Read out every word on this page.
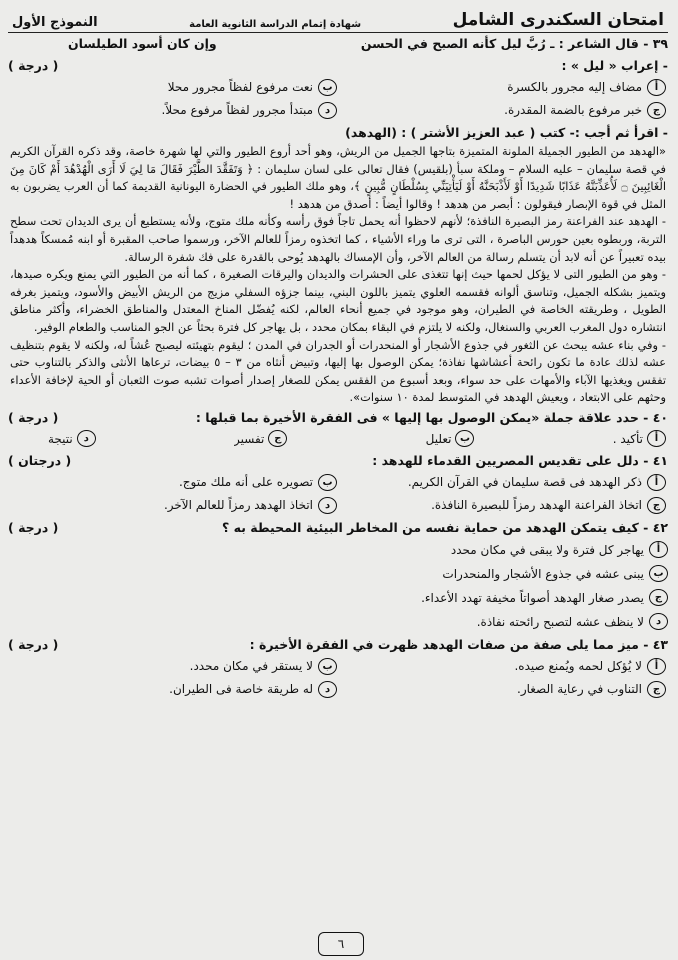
امتحان السكندرى الشامل
شهادة إتمام الدراسة الثانوية العامة
النموذج الأول
٣٩ - قال الشاعر : ـ رُبَّ ليل كأنه الصبح في الحسن
وإن كان أسود الطيلسان
- إعراب « ليل » :
( درجة )
أ
مضاف إليه مجرور بالكسرة
ب
نعت مرفوع لفظاً مجرور محلا
ج
خبر مرفوع بالضمة المقدرة.
د
مبتدأ مجرور لفظاً مرفوع محلاً.
- اقرأ ثم أجب :- كتب ( عبد العزيز الأشتر ) : (الهدهد)

«الهدهد من الطيور الجميلة الملونة المتميزة بتاجها الجميل من الريش، وهو أحد أروع الطيور والتي لها شهرة خاصة، وقد ذكره القرآن الكريم في قصة سليمان – عليه السلام – وملكة سبأ (بلقيس) فقال تعالى على لسان سليمان : ﴿ وَتَفَقَّدَ الطَّيْرَ فَقَالَ مَا لِيَ لَا أَرَى الْهُدْهُدَ أَمْ كَانَ مِنَ الْغَائِبِينَ ۝ لَأُعَذِّبَنَّهُ عَذَابًا شَدِيدًا أَوْ لَأَذْبَحَنَّهُ أَوْ لَيَأْتِيَنِّي بِسُلْطَانٍ مُّبِينٍ ﴾، وهو ملك الطيور في الحضارة اليونانية القديمة كما أن العرب يضربون به المثل في قوة الإبصار فيقولون : أبصر من هدهد ! وقالوا أيضاً : أصدق من هدهد !

- الهدهد عند الفراعنة رمز البصيرة النافذة؛ لأنهم لاحظوا أنه يحمل تاجاً فوق رأسه وكأنه ملك متوج، ولأنه يستطيع أن يرى الديدان تحت سطح التربة، وربطوه بعين حورس الباصرة ، التى ترى ما وراء الأشياء ، كما اتخذوه رمزاً للعالم الآخر، ورسموا صاحب المقبرة أو ابنه مُمسكاً هدهداً بيده تعبيراً عن أنه لابد أن يتسلم رسالة من العالم الآخر، وأن الإمساك بالهدهد يُوحى بالقدرة على فك شفرة الرسالة.

- وهو من الطيور التى لا يؤكل لحمها حيث إنها تتغذى على الحشرات والديدان واليرقات الصغيرة ، كما أنه من الطيور التي يمنع ويكره صيدها، ويتميز بشكله الجميل، وتناسق ألوانه فقسمه العلوي يتميز باللون البني، بينما جزؤه السفلي مزيج من الريش الأبيض والأسود، ويتميز بغرفه الطويل ، وطريقته الخاصة في الطيران، وهو موجود في جميع أنحاء العالم، لكنه يُفضّل المناخ المعتدل والمناطق الخضراء، وأكثر مناطق انتشاره دول المغرب العربي والسنغال، ولكنه لا يلتزم في البقاء بمكان محدد ، بل يهاجر كل فترة بحثاً عن الجو المناسب والطعام الوفير.

- وفي بناء عشه يبحث عن الثغور في جذوع الأشجار أو المنحدرات أو الجدران في المدن ؛ ليقوم بتهيئته ليصبح عُشاً له، ولكنه لا يقوم بتنظيف عشه لذلك عادة ما تكون رائحة أعشاشها نفاذة؛ يمكن الوصول بها إليها، وتبيض أنثاه من ٣ – ٥ بيضات، ترعاها الأنثى والذكر بالتناوب حتى تفقس ويغذيها الآباء والأمهات على حد سواء، وبعد أسبوع من الفقس يمكن للصغار إصدار أصوات تشبه صوت الثعبان أو الحية لإخافة الأعداء وحثهم على الابتعاد ، ويعيش الهدهد في المتوسط لمدة ١٠ سنوات».

٤٠ - حدد علاقة جملة «يمكن الوصول بها إليها » فى الفقرة الأخيرة بما قبلها :
( درجة )
أ
تأكيد .
ب
تعليل
ج
تفسير
د
نتيجة
٤١ - دلل على تقديس المصريين القدماء للهدهد :
( درجتان )
أ
ذكر الهدهد فى قصة سليمان في القرآن الكريم.
ب
تصويره على أنه ملك متوج.
ج
اتخاذ الفراعنة الهدهد رمزاً للبصيرة النافذة.
د
اتخاذ الهدهد رمزاً للعالم الآخر.
٤٢ - كيف يتمكن الهدهد من حماية نفسه من المخاطر البيئية المحيطة به ؟
( درجة )
أ
يهاجر كل فترة ولا يبقى في مكان محدد
ب
يبنى عشه في جذوع الأشجار والمنحدرات
ج
يصدر صغار الهدهد أصواتاً مخيفة تهدد الأعداء.
د
لا ينظف عشه لتصبح رائحته نفاذة.
٤٣ - ميز مما يلى صفة من صفات الهدهد ظهرت في الفقرة الأخيرة :
( درجة )
أ
لا يُؤكل لحمه ويُمنع صيده.
ب
لا يستقر في مكان محدد.
ج
التناوب في رعاية الصغار.
د
له طريقة خاصة فى الطيران.
٦
